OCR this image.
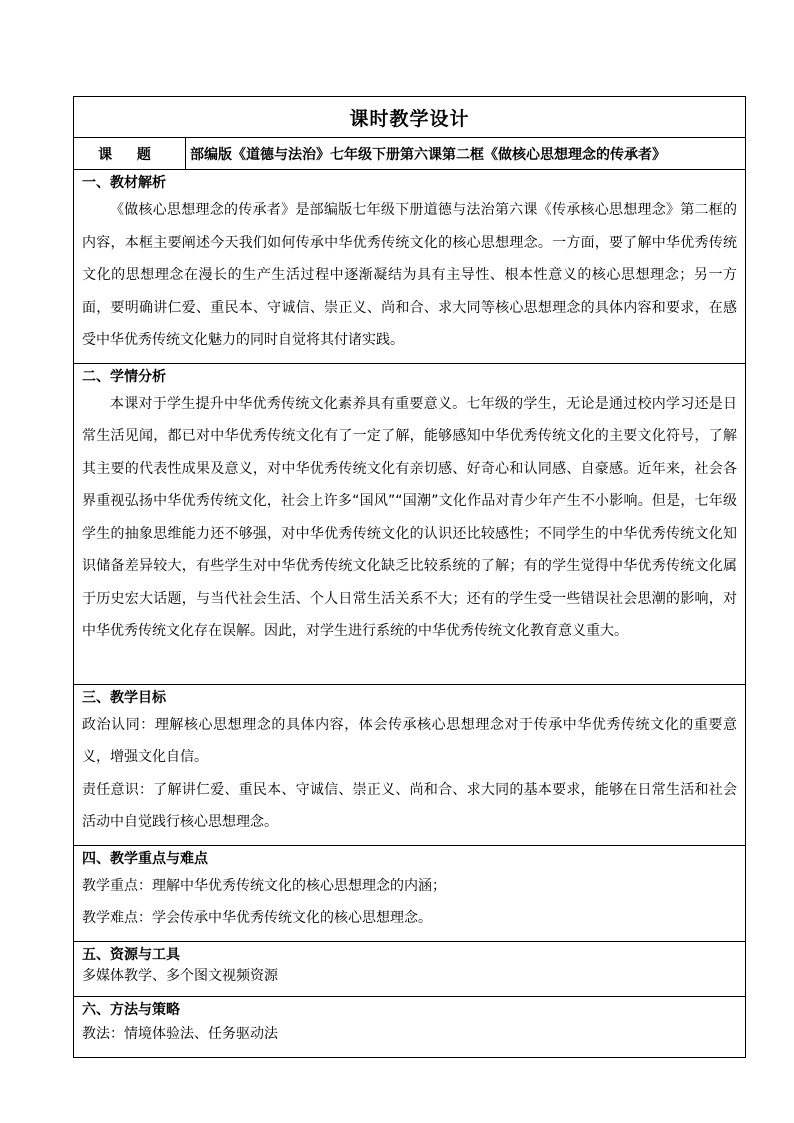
课时教学设计
课 题	部编版《道德与法治》七年级下册第六课第二框《做核心思想理念的传承者》

一、教材解析

《做核心思想理念的传承者》是部编版七年级下册道德与法治第六课《传承核心思想理念》第二框的内容，本框主要阐述今天我们如何传承中华优秀传统文化的核心思想理念。一方面，要了解中华优秀传统文化的思想理念在漫长的生产生活过程中逐渐凝结为具有主导性、根本性意义的核心思想理念；另一方面，要明确讲仁爱、重民本、守诚信、崇正义、尚和合、求大同等核心思想理念的具体内容和要求，在感受中华优秀传统文化魅力的同时自觉将其付诸实践。

二、学情分析

本课对于学生提升中华优秀传统文化素养具有重要意义。七年级的学生，无论是通过校内学习还是日常生活见闻，都已对中华优秀传统文化有了一定了解，能够感知中华优秀传统文化的主要文化符号，了解其主要的代表性成果及意义，对中华优秀传统文化有亲切感、好奇心和认同感、自豪感。近年来，社会各界重视弘扬中华优秀传统文化，社会上许多“国风”“国潮”文化作品对青少年产生不小影响。但是，七年级学生的抽象思维能力还不够强，对中华优秀传统文化的认识还比较感性；不同学生的中华优秀传统文化知识储备差异较大，有些学生对中华优秀传统文化缺乏比较系统的了解；有的学生觉得中华优秀传统文化属于历史宏大话题，与当代社会生活、个人日常生活关系不大；还有的学生受一些错误社会思潮的影响，对中华优秀传统文化存在误解。因此，对学生进行系统的中华优秀传统文化教育意义重大。

三、教学目标

政治认同：理解核心思想理念的具体内容，体会传承核心思想理念对于传承中华优秀传统文化的重要意义，增强文化自信。

责任意识：了解讲仁爱、重民本、守诚信、崇正义、尚和合、求大同的基本要求，能够在日常生活和社会活动中自觉践行核心思想理念。

四、教学重点与难点

教学重点：理解中华优秀传统文化的核心思想理念的内涵；

教学难点：学会传承中华优秀传统文化的核心思想理念。

五、资源与工具

多媒体教学、多个图文视频资源

六、方法与策略

教法：情境体验法、任务驱动法
